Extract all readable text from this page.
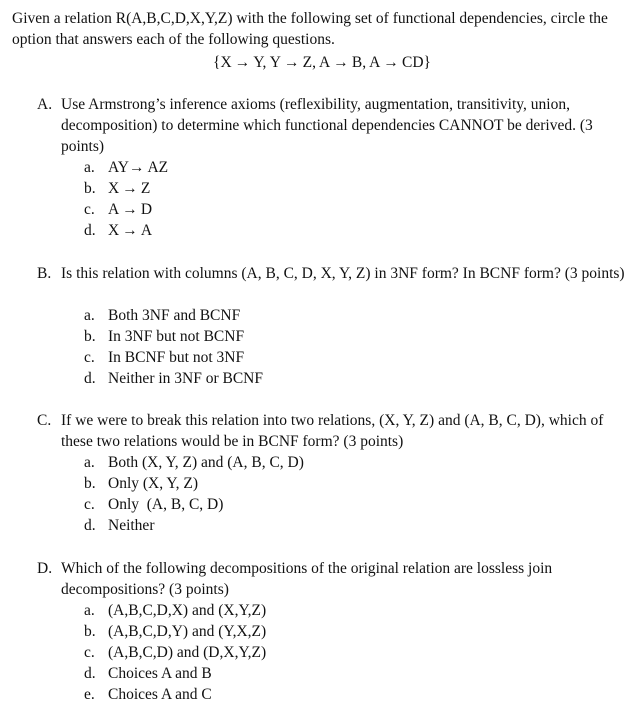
Given a relation R(A,B,C,D,X,Y,Z) with the following set of functional dependencies, circle the option that answers each of the following questions.
{X → Y, Y → Z, A → B, A → CD}
A. Use Armstrong’s inference axioms (reflexibility, augmentation, transitivity, union, decomposition) to determine which functional dependencies CANNOT be derived. (3 points)
a. AY→ AZ
b. X → Z
c. A → D
d. X → A
B. Is this relation with columns (A, B, C, D, X, Y, Z) in 3NF form? In BCNF form? (3 points)
a. Both 3NF and BCNF
b. In 3NF but not BCNF
c. In BCNF but not 3NF
d. Neither in 3NF or BCNF
C. If we were to break this relation into two relations, (X, Y, Z) and (A, B, C, D), which of these two relations would be in BCNF form? (3 points)
a. Both (X, Y, Z) and (A, B, C, D)
b. Only (X, Y, Z)
c. Only  (A, B, C, D)
d. Neither
D. Which of the following decompositions of the original relation are lossless join decompositions? (3 points)
a. (A,B,C,D,X) and (X,Y,Z)
b. (A,B,C,D,Y) and (Y,X,Z)
c. (A,B,C,D) and (D,X,Y,Z)
d. Choices A and B
e. Choices A and C
